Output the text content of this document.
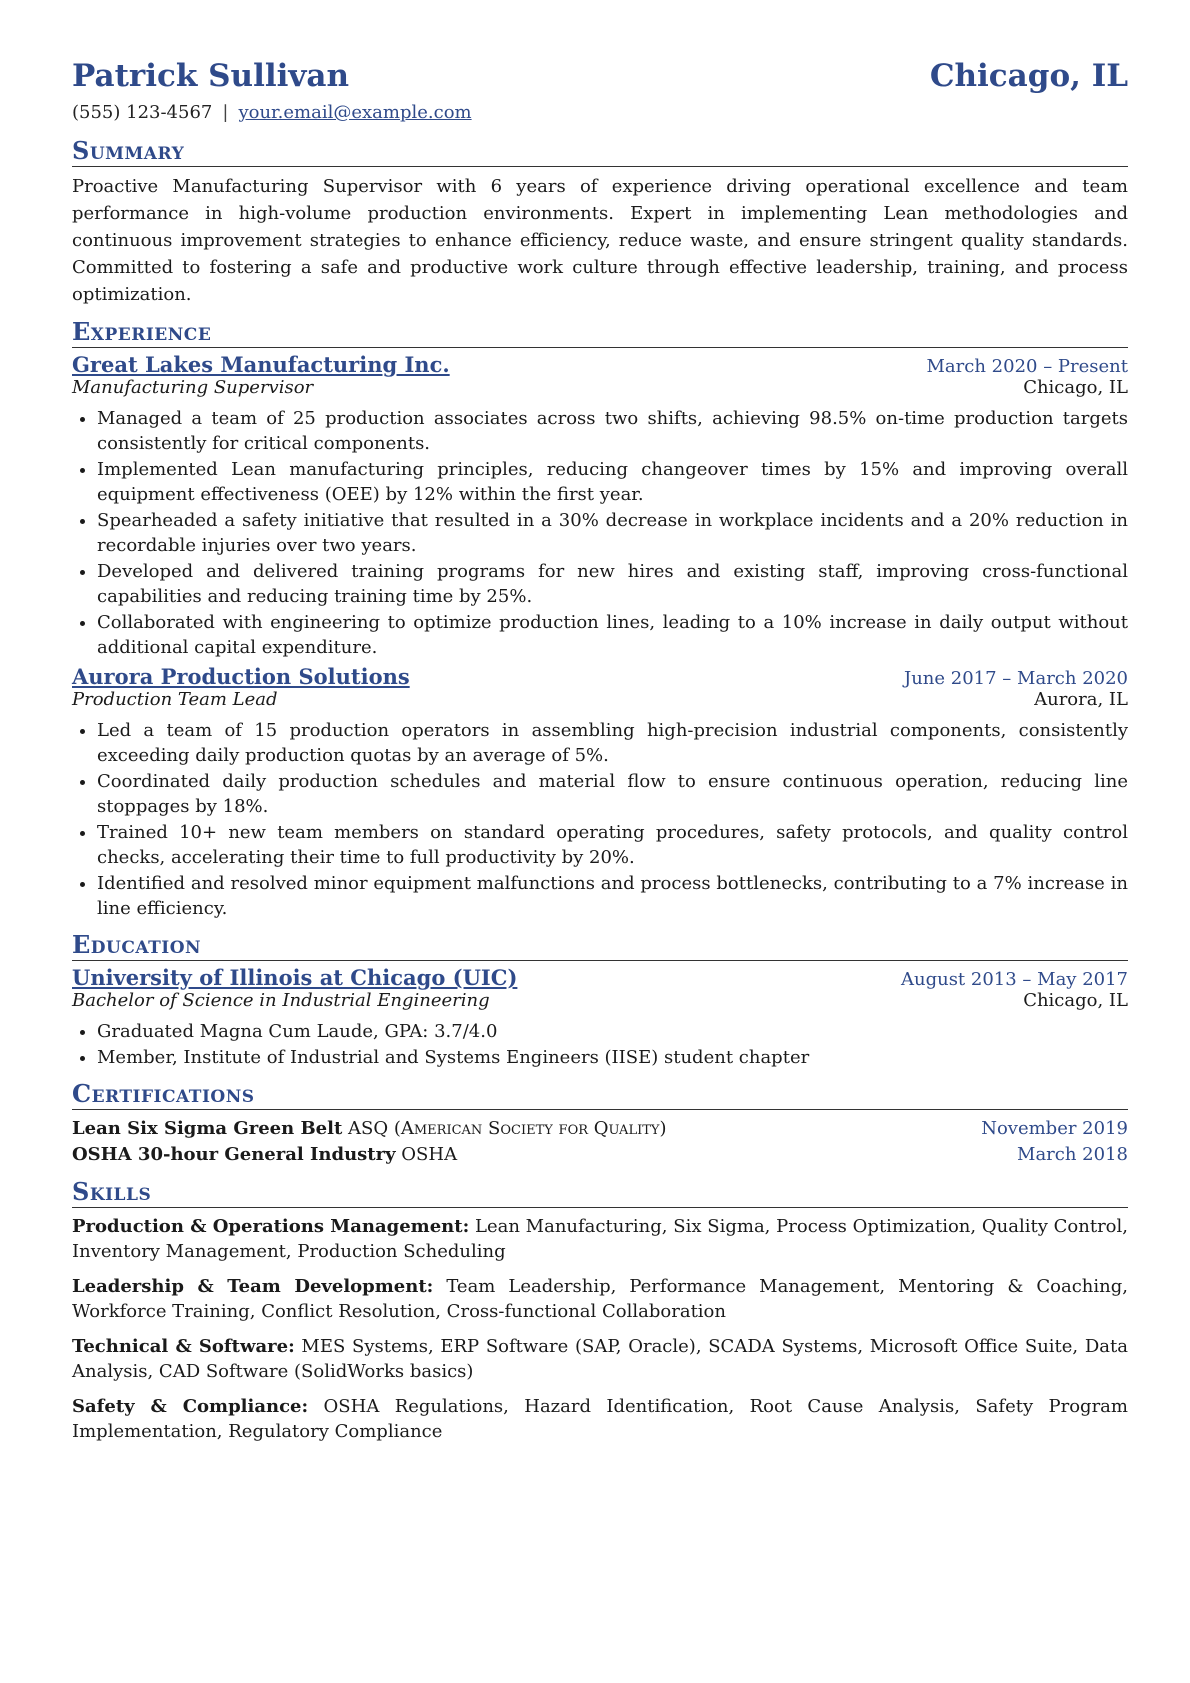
Patrick Sullivan	Chicago, IL
(555) 123-4567 | your.email@example.com
Summary

Proactive Manufacturing Supervisor with 6 years of experience driving operational excellence and team performance in high-volume production environments. Expert in implementing Lean methodologies and continuous improvement strategies to enhance efficiency, reduce waste, and ensure stringent quality standards. Committed to fostering a safe and productive work culture through effective leadership, training, and process optimization.

Experience
Great Lakes Manufacturing Inc.	March 2020 – Present
Manufacturing Supervisor	Chicago, IL
• Managed a team of 25 production associates across two shifts, achieving 98.5% on-time production targets consistently for critical components.
• Implemented Lean manufacturing principles, reducing changeover times by 15% and improving overall equipment effectiveness (OEE) by 12% within the first year.
• Spearheaded a safety initiative that resulted in a 30% decrease in workplace incidents and a 20% reduction in recordable injuries over two years.
• Developed and delivered training programs for new hires and existing staff, improving cross-functional capabilities and reducing training time by 25%.
• Collaborated with engineering to optimize production lines, leading to a 10% increase in daily output without additional capital expenditure.
Aurora Production Solutions	June 2017 – March 2020
Production Team Lead	Aurora, IL
• Led a team of 15 production operators in assembling high-precision industrial components, consistently exceeding daily production quotas by an average of 5%.
• Coordinated daily production schedules and material flow to ensure continuous operation, reducing line stoppages by 18%.
• Trained 10+ new team members on standard operating procedures, safety protocols, and quality control checks, accelerating their time to full productivity by 20%.
• Identified and resolved minor equipment malfunctions and process bottlenecks, contributing to a 7% increase in line efficiency.
Education
University of Illinois at Chicago (UIC)	August 2013 – May 2017
Bachelor of Science in Industrial Engineering	Chicago, IL
• Graduated Magna Cum Laude, GPA: 3.7/4.0
• Member, Institute of Industrial and Systems Engineers (IISE) student chapter
Certifications
Lean Six Sigma Green Belt ASQ (American Society for Quality)	November 2019
OSHA 30-hour General Industry OSHA	March 2018
Skills
Production & Operations Management: Lean Manufacturing, Six Sigma, Process Optimization, Quality Control, Inventory Management, Production Scheduling
Leadership & Team Development: Team Leadership, Performance Management, Mentoring & Coaching, Workforce Training, Conflict Resolution, Cross-functional Collaboration
Technical & Software: MES Systems, ERP Software (SAP, Oracle), SCADA Systems, Microsoft Office Suite, Data Analysis, CAD Software (SolidWorks basics)
Safety & Compliance: OSHA Regulations, Hazard Identification, Root Cause Analysis, Safety Program Implementation, Regulatory Compliance
